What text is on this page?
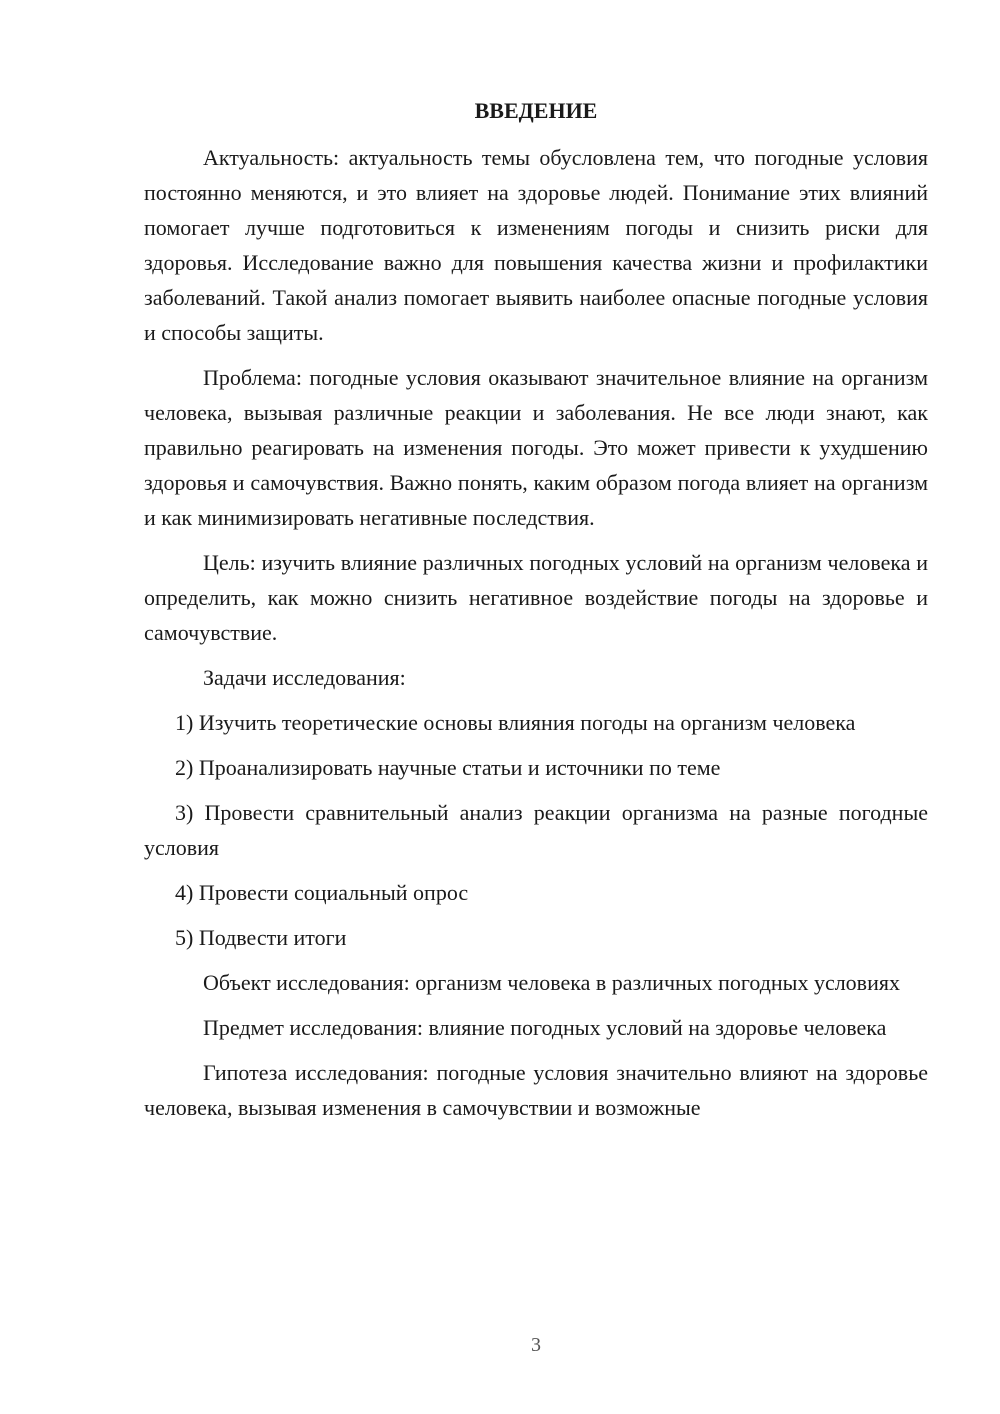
ВВЕДЕНИЕ

Актуальность: актуальность темы обусловлена тем, что погодные условия постоянно меняются, и это влияет на здоровье людей. Понимание этих влияний помогает лучше подготовиться к изменениям погоды и снизить риски для здоровья. Исследование важно для повышения качества жизни и профилактики заболеваний. Такой анализ помогает выявить наиболее опасные погодные условия и способы защиты.

Проблема: погодные условия оказывают значительное влияние на организм человека, вызывая различные реакции и заболевания. Не все люди знают, как правильно реагировать на изменения погоды. Это может привести к ухудшению здоровья и самочувствия. Важно понять, каким образом погода влияет на организм и как минимизировать негативные последствия.

Цель: изучить влияние различных погодных условий на организм человека и определить, как можно снизить негативное воздействие погоды на здоровье и самочувствие.

Задачи исследования:

1) Изучить теоретические основы влияния погоды на организм человека

2) Проанализировать научные статьи и источники по теме

3) Провести сравнительный анализ реакции организма на разные погодные условия

4) Провести социальный опрос

5) Подвести итоги

Объект исследования: организм человека в различных погодных условиях

Предмет исследования: влияние погодных условий на здоровье человека

Гипотеза исследования: погодные условия значительно влияют на здоровье человека, вызывая изменения в самочувствии и возможные

3
